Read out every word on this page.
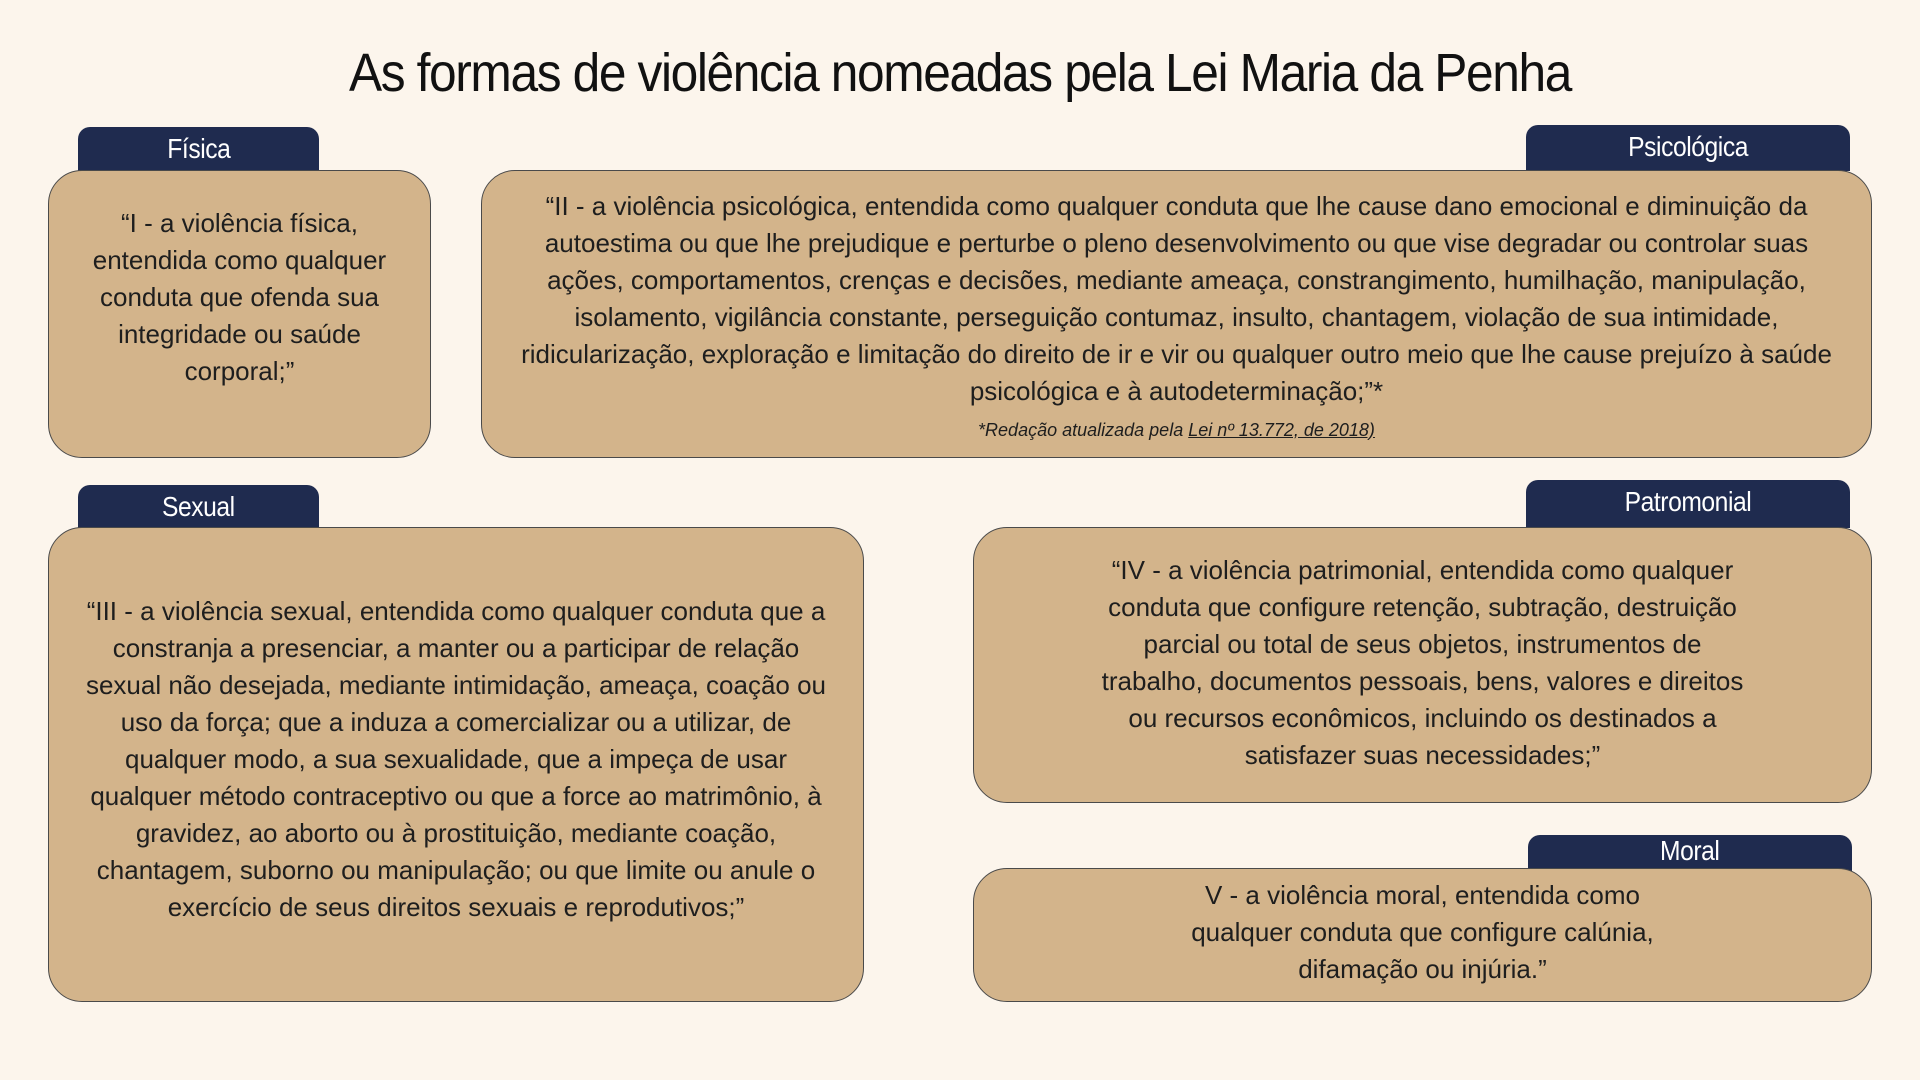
As formas de violência nomeadas pela Lei Maria da Penha
Física
“I - a violência física, entendida como qualquer conduta que ofenda sua integridade ou saúde corporal;”
Psicológica
“II - a violência psicológica, entendida como qualquer conduta que lhe cause dano emocional e diminuição da autoestima ou que lhe prejudique e perturbe o pleno desenvolvimento ou que vise degradar ou controlar suas ações, comportamentos, crenças e decisões, mediante ameaça, constrangimento, humilhação, manipulação, isolamento, vigilância constante, perseguição contumaz, insulto, chantagem, violação de sua intimidade, ridicularização, exploração e limitação do direito de ir e vir ou qualquer outro meio que lhe cause prejuízo à saúde psicológica e à autodeterminação;”*
*Redação atualizada pela Lei nº 13.772, de 2018)
Sexual
“III - a violência sexual, entendida como qualquer conduta que a constranja a presenciar, a manter ou a participar de relação sexual não desejada, mediante intimidação, ameaça, coação ou uso da força; que a induza a comercializar ou a utilizar, de qualquer modo, a sua sexualidade, que a impeça de usar qualquer método contraceptivo ou que a force ao matrimônio, à gravidez, ao aborto ou à prostituição, mediante coação, chantagem, suborno ou manipulação; ou que limite ou anule o exercício de seus direitos sexuais e reprodutivos;”
Patromonial
“IV - a violência patrimonial, entendida como qualquer conduta que configure retenção, subtração, destruição parcial ou total de seus objetos, instrumentos de trabalho, documentos pessoais, bens, valores e direitos ou recursos econômicos, incluindo os destinados a satisfazer suas necessidades;”
Moral
V - a violência moral, entendida como qualquer conduta que configure calúnia, difamação ou injúria.”
